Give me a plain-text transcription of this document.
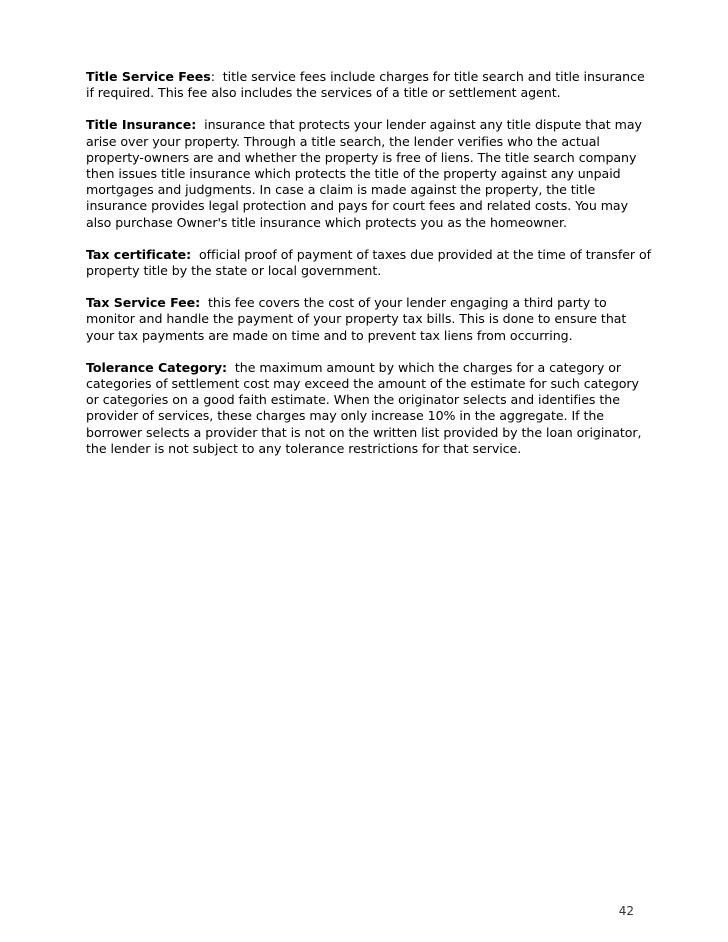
Title Service Fees:  title service fees include charges for title search and title insurance if required. This fee also includes the services of a title or settlement agent.

Title Insurance: insurance that protects your lender against any title dispute that may arise over your property. Through a title search, the lender verifies who the actual property-owners are and whether the property is free of liens. The title search company then issues title insurance which protects the title of the property against any unpaid mortgages and judgments. In case a claim is made against the property, the title insurance provides legal protection and pays for court fees and related costs. You may also purchase Owner's title insurance which protects you as the homeowner.

Tax certificate: official proof of payment of taxes due provided at the time of transfer of property title by the state or local government.

Tax Service Fee: this fee covers the cost of your lender engaging a third party to monitor and handle the payment of your property tax bills. This is done to ensure that your tax payments are made on time and to prevent tax liens from occurring.

Tolerance Category: the maximum amount by which the charges for a category or categories of settlement cost may exceed the amount of the estimate for such category or categories on a good faith estimate. When the originator selects and identifies the provider of services, these charges may only increase 10% in the aggregate. If the borrower selects a provider that is not on the written list provided by the loan originator, the lender is not subject to any tolerance restrictions for that service.

42
